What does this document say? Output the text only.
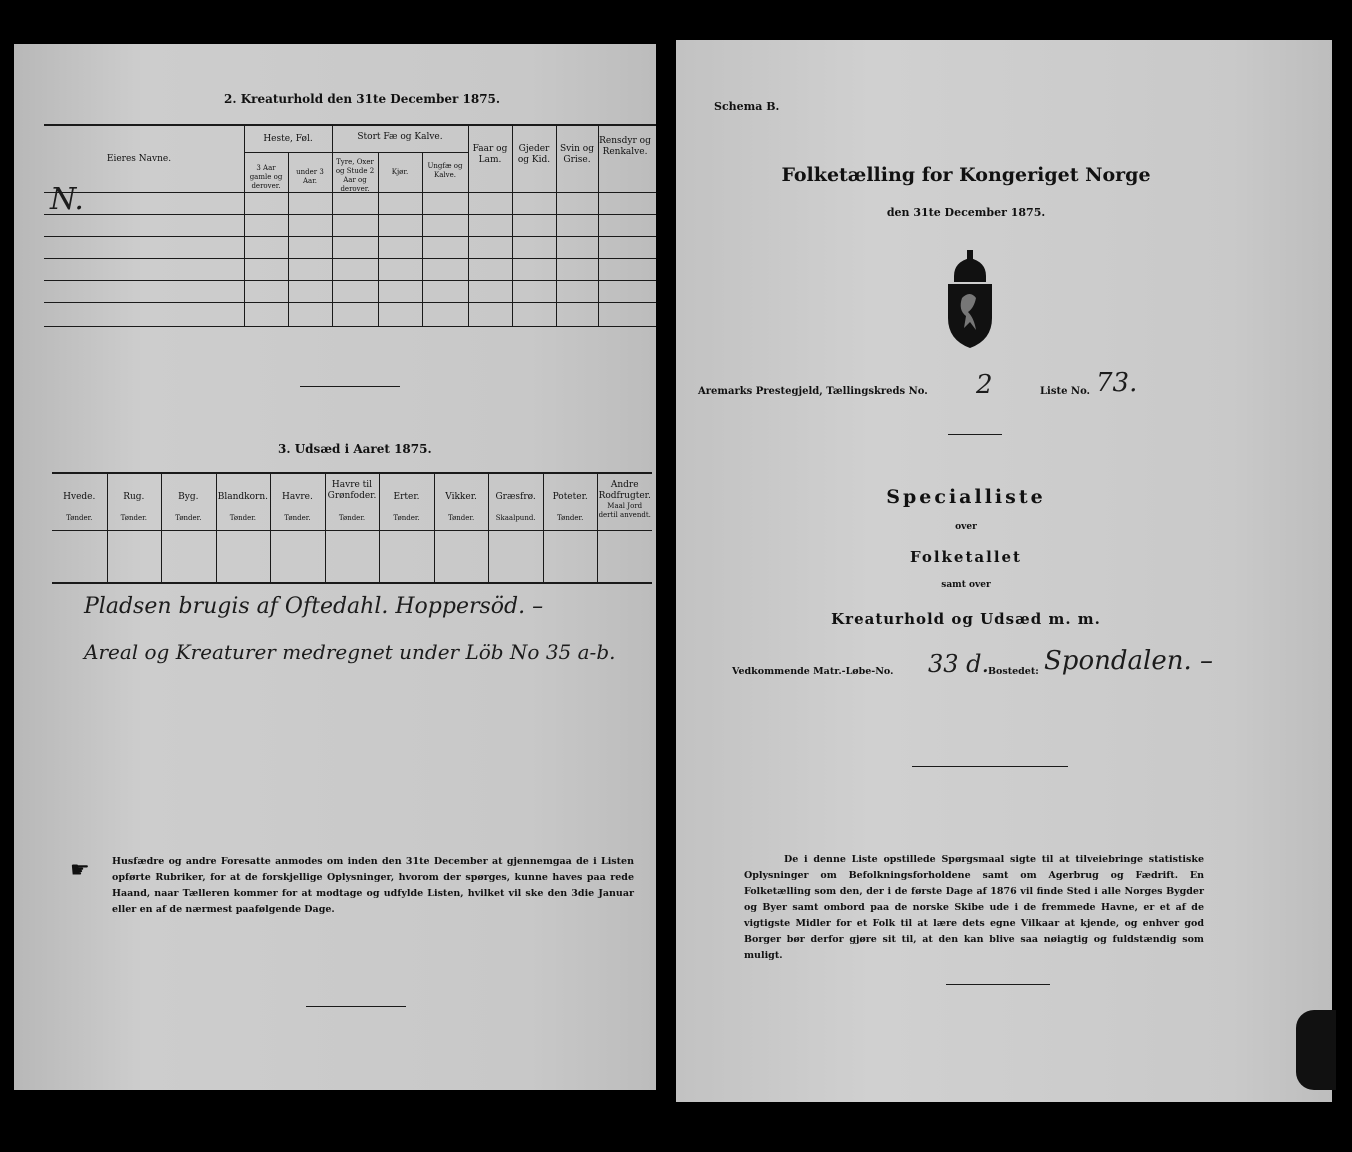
2. Kreaturhold den 31te December 1875.
Eieres Navne.
Heste, Føl.
3 Aar gamle og derover.
under 3 Aar.
Stort Fæ og Kalve.
Tyre, Oxer og Stude 2 Aar og derover.
Kjør.
Ungfæ og Kalve.
Faar og Lam.
Gjeder og Kid.
Svin og Grise.
Rensdyr og Renkalve.
N.
3. Udsæd i Aaret 1875.
Hvede.
Tønder.
Rug.
Tønder.
Byg.
Tønder.
Blandkorn.
Tønder.
Havre.
Tønder.
Havre til Grønfoder.
Tønder.
Erter.
Tønder.
Vikker.
Tønder.
Græsfrø.
Skaalpund.
Poteter.
Tønder.
Andre Rodfrugter.
Maal Jord dertil anvendt.
Pladsen brugis af Oftedahl. Hoppersöd. –
Areal og Kreaturer medregnet under Löb No 35 a-b.
☛	Husfædre og andre Foresatte anmodes om inden den 31te December at gjennemgaa de i Listen opførte Rubriker, for at de forskjellige Oplysninger, hvorom der spørges, kunne haves paa rede Haand, naar Tælleren kommer for at modtage og udfylde Listen, hvilket vil ske den 3die Januar eller en af de nærmest paafølgende Dage.
Schema B.
Folketælling for Kongeriget Norge
den 31te December 1875.
Aremarks Prestegjeld, Tællingskreds No. 2	Liste No. 73.
Specialliste
over
Folketallet
samt over
Kreaturhold og Udsæd m. m.
Vedkommende Matr.-Løbe-No. 33 d.
Bostedet: Spondalen. –
De i denne Liste opstillede Spørgsmaal sigte til at tilveiebringe statistiske Oplysninger om Befolkningsforholdene samt om Agerbrug og Fædrift. En Folketælling som den, der i de første Dage af 1876 vil finde Sted i alle Norges Bygder og Byer samt ombord paa de norske Skibe ude i de fremmede Havne, er et af de vigtigste Midler for et Folk til at lære dets egne Vilkaar at kjende, og enhver god Borger bør derfor gjøre sit til, at den kan blive saa nøiagtig og fuldstændig som muligt.
